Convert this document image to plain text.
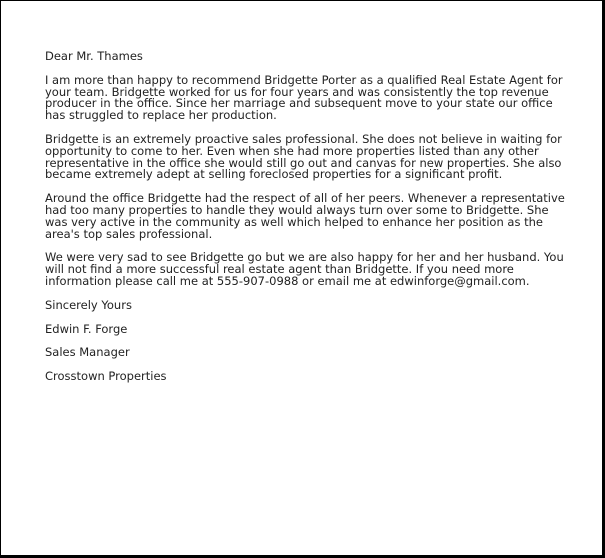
Dear Mr. Thames

I am more than happy to recommend Bridgette Porter as a qualified Real Estate Agent for your team. Bridgette worked for us for four years and was consistently the top revenue producer in the office. Since her marriage and subsequent move to your state our office has struggled to replace her production.

Bridgette is an extremely proactive sales professional. She does not believe in waiting for opportunity to come to her. Even when she had more properties listed than any other representative in the office she would still go out and canvas for new properties. She also became extremely adept at selling foreclosed properties for a significant profit.

Around the office Bridgette had the respect of all of her peers. Whenever a representative had too many properties to handle they would always turn over some to Bridgette. She was very active in the community as well which helped to enhance her position as the area's top sales professional.

We were very sad to see Bridgette go but we are also happy for her and her husband. You will not find a more successful real estate agent than Bridgette. If you need more information please call me at 555-907-0988 or email me at edwinforge@gmail.com.

Sincerely Yours

Edwin F. Forge

Sales Manager

Crosstown Properties
